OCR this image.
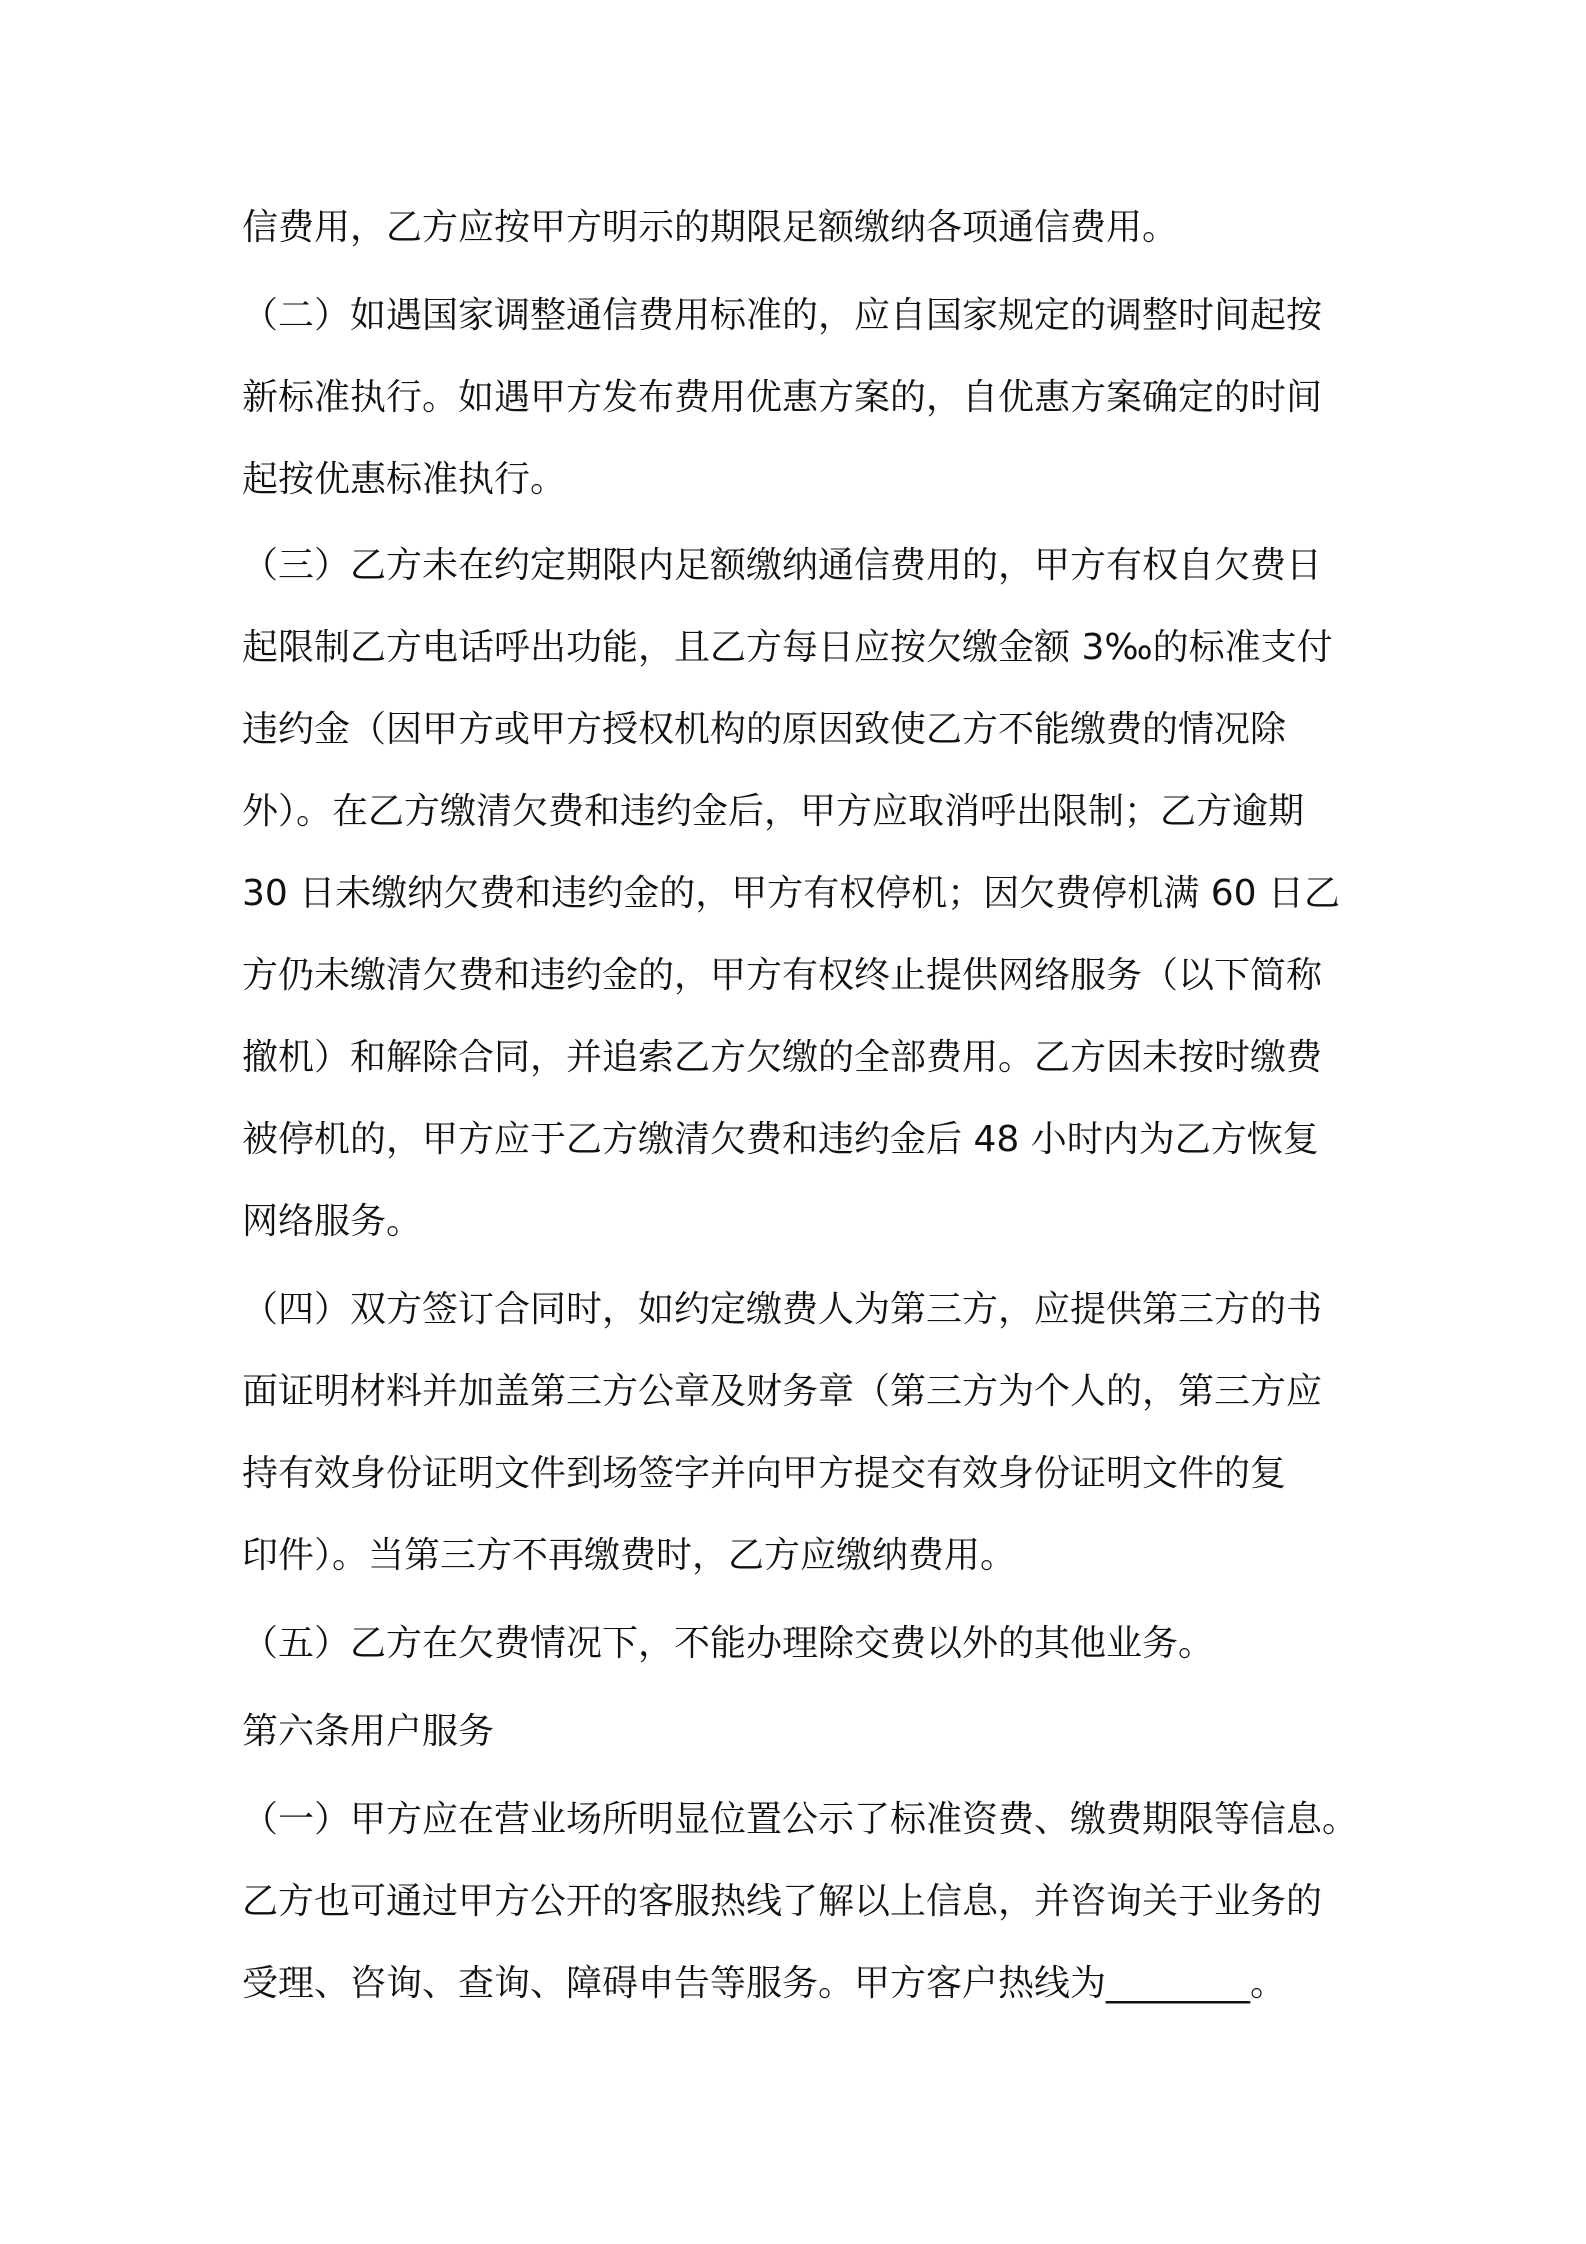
信费用，乙方应按甲方明示的期限足额缴纳各项通信费用。
（二）如遇国家调整通信费用标准的，应自国家规定的调整时间起按
新标准执行。如遇甲方发布费用优惠方案的，自优惠方案确定的时间
起按优惠标准执行。
（三）乙方未在约定期限内足额缴纳通信费用的，甲方有权自欠费日
起限制乙方电话呼出功能，且乙方每日应按欠缴金额 3‰的标准支付
违约金（因甲方或甲方授权机构的原因致使乙方不能缴费的情况除
外）。在乙方缴清欠费和违约金后，甲方应取消呼出限制；乙方逾期
30 日未缴纳欠费和违约金的，甲方有权停机；因欠费停机满 60 日乙
方仍未缴清欠费和违约金的，甲方有权终止提供网络服务（以下简称
撤机）和解除合同，并追索乙方欠缴的全部费用。乙方因未按时缴费
被停机的，甲方应于乙方缴清欠费和违约金后 48 小时内为乙方恢复
网络服务。
（四）双方签订合同时，如约定缴费人为第三方，应提供第三方的书
面证明材料并加盖第三方公章及财务章（第三方为个人的，第三方应
持有效身份证明文件到场签字并向甲方提交有效身份证明文件的复
印件）。当第三方不再缴费时，乙方应缴纳费用。
（五）乙方在欠费情况下，不能办理除交费以外的其他业务。
第六条用户服务
（一）甲方应在营业场所明显位置公示了标准资费、缴费期限等信息。
乙方也可通过甲方公开的客服热线了解以上信息，并咨询关于业务的
受理、咨询、查询、障碍申告等服务。甲方客户热线为________。
